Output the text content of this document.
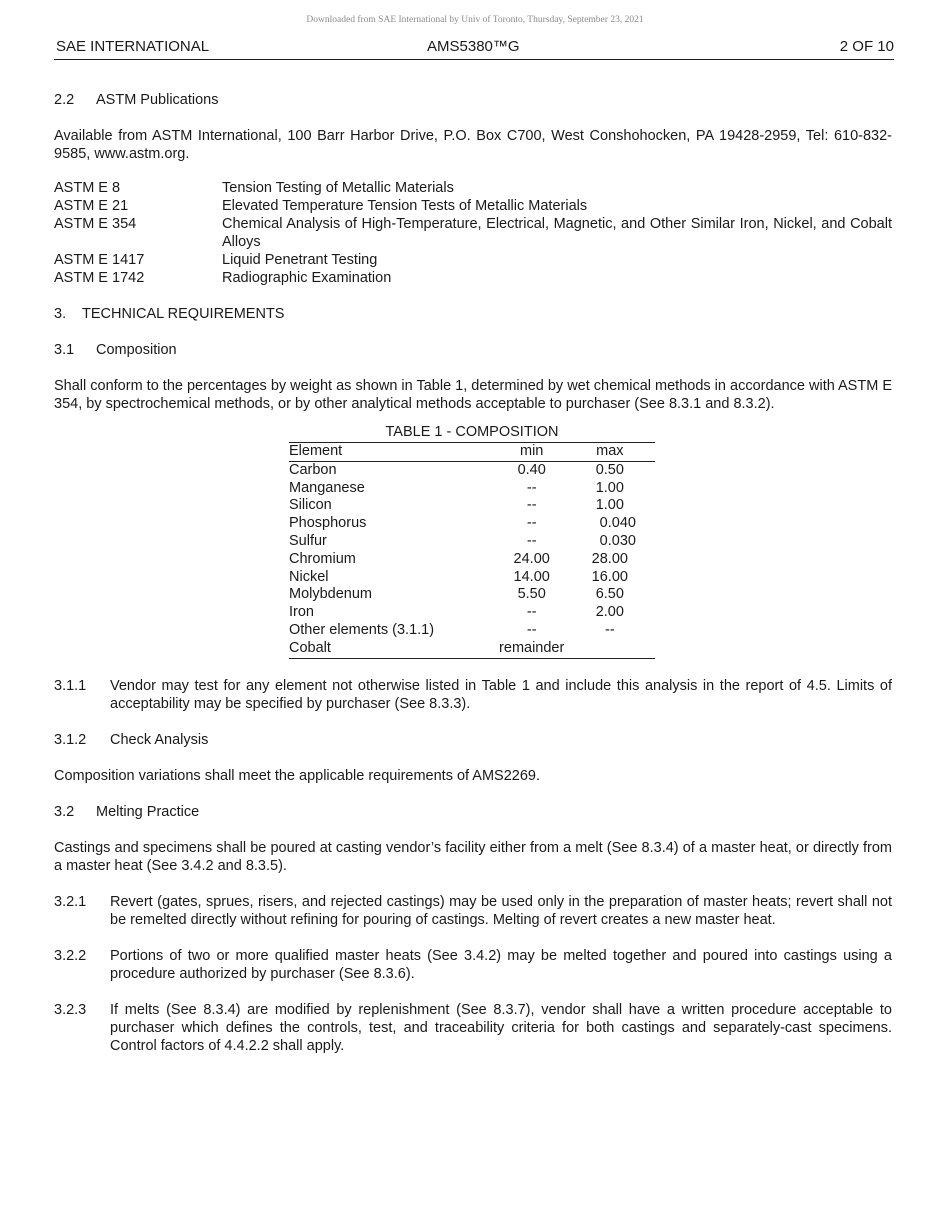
Downloaded from SAE International by Univ of Toronto, Thursday, September 23, 2021
SAE INTERNATIONAL	AMS5380™G	2 OF 10
2.2 ASTM Publications

Available from ASTM International, 100 Barr Harbor Drive, P.O. Box C700, West Conshohocken, PA 19428-2959, Tel: 610-832-9585, www.astm.org.

ASTM E 8	Tension Testing of Metallic Materials
ASTM E 21	Elevated Temperature Tension Tests of Metallic Materials
ASTM E 354	Chemical Analysis of High-Temperature, Electrical, Magnetic, and Other Similar Iron, Nickel, and Cobalt Alloys
ASTM E 1417	Liquid Penetrant Testing
ASTM E 1742	Radiographic Examination
3. TECHNICAL REQUIREMENTS
3.1 Composition

Shall conform to the percentages by weight as shown in Table 1, determined by wet chemical methods in accordance with ASTM E 354, by spectrochemical methods, or by other analytical methods acceptable to purchaser (See 8.3.1 and 8.3.2).

TABLE 1 - COMPOSITION
Element	min	max
Carbon	0.40	0.50
Manganese	--	1.00
Silicon	--	1.00
Phosphorus	--	0.040
Sulfur	--	0.030
Chromium	24.00	28.00
Nickel	14.00	16.00
Molybdenum	5.50	6.50
Iron	--	2.00
Other elements (3.1.1)	--	--
Cobalt	remainder	
3.1.1	Vendor may test for any element not otherwise listed in Table 1 and include this analysis in the report of 4.5. Limits of acceptability may be specified by purchaser (See 8.3.3).
3.1.2	Check Analysis

Composition variations shall meet the applicable requirements of AMS2269.

3.2 Melting Practice

Castings and specimens shall be poured at casting vendor’s facility either from a melt (See 8.3.4) of a master heat, or directly from a master heat (See 3.4.2 and 8.3.5).

3.2.1	Revert (gates, sprues, risers, and rejected castings) may be used only in the preparation of master heats; revert shall not be remelted directly without refining for pouring of castings. Melting of revert creates a new master heat.
3.2.2	Portions of two or more qualified master heats (See 3.4.2) may be melted together and poured into castings using a procedure authorized by purchaser (See 8.3.6).
3.2.3	If melts (See 8.3.4) are modified by replenishment (See 8.3.7), vendor shall have a written procedure acceptable to purchaser which defines the controls, test, and traceability criteria for both castings and separately-cast specimens. Control factors of 4.4.2.2 shall apply.
